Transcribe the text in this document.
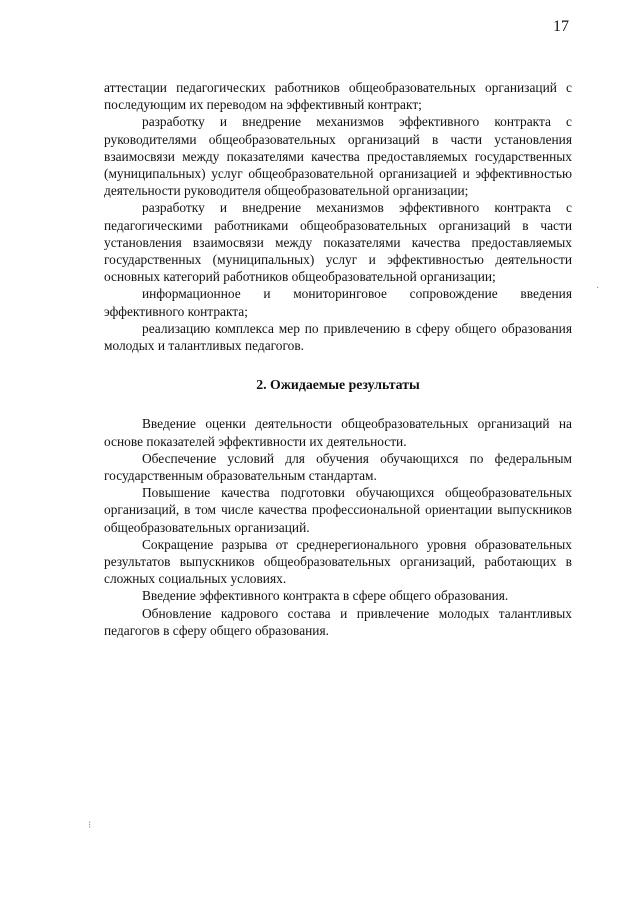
17

аттестации педагогических работников общеобразовательных организаций с последующим их переводом на эффективный контракт;

разработку и внедрение механизмов эффективного контракта с руководителями общеобразовательных организаций в части установления взаимосвязи между показателями качества предоставляемых государственных (муниципальных) услуг общеобразовательной организацией и эффективностью деятельности руководителя общеобразовательной организации;

разработку и внедрение механизмов эффективного контракта с педагогическими работниками общеобразовательных организаций в части установления взаимосвязи между показателями качества предоставляемых государственных (муниципальных) услуг и эффективностью деятельности основных категорий работников общеобразовательной организации;

информационное и мониторинговое сопровождение введения эффективного контракта;

реализацию комплекса мер по привлечению в сферу общего образования молодых и талантливых педагогов.

2. Ожидаемые результаты

Введение оценки деятельности общеобразовательных организаций на основе показателей эффективности их деятельности.

Обеспечение условий для обучения обучающихся по федеральным государственным образовательным стандартам.

Повышение качества подготовки обучающихся общеобразовательных организаций, в том числе качества профессиональной ориентации выпускников общеобразовательных организаций.

Сокращение разрыва от среднерегионального уровня образовательных результатов выпускников общеобразовательных организаций, работающих в сложных социальных условиях.

Введение эффективного контракта в сфере общего образования.

Обновление кадрового состава и привлечение молодых талантливых педагогов в сферу общего образования.

·
⁝
